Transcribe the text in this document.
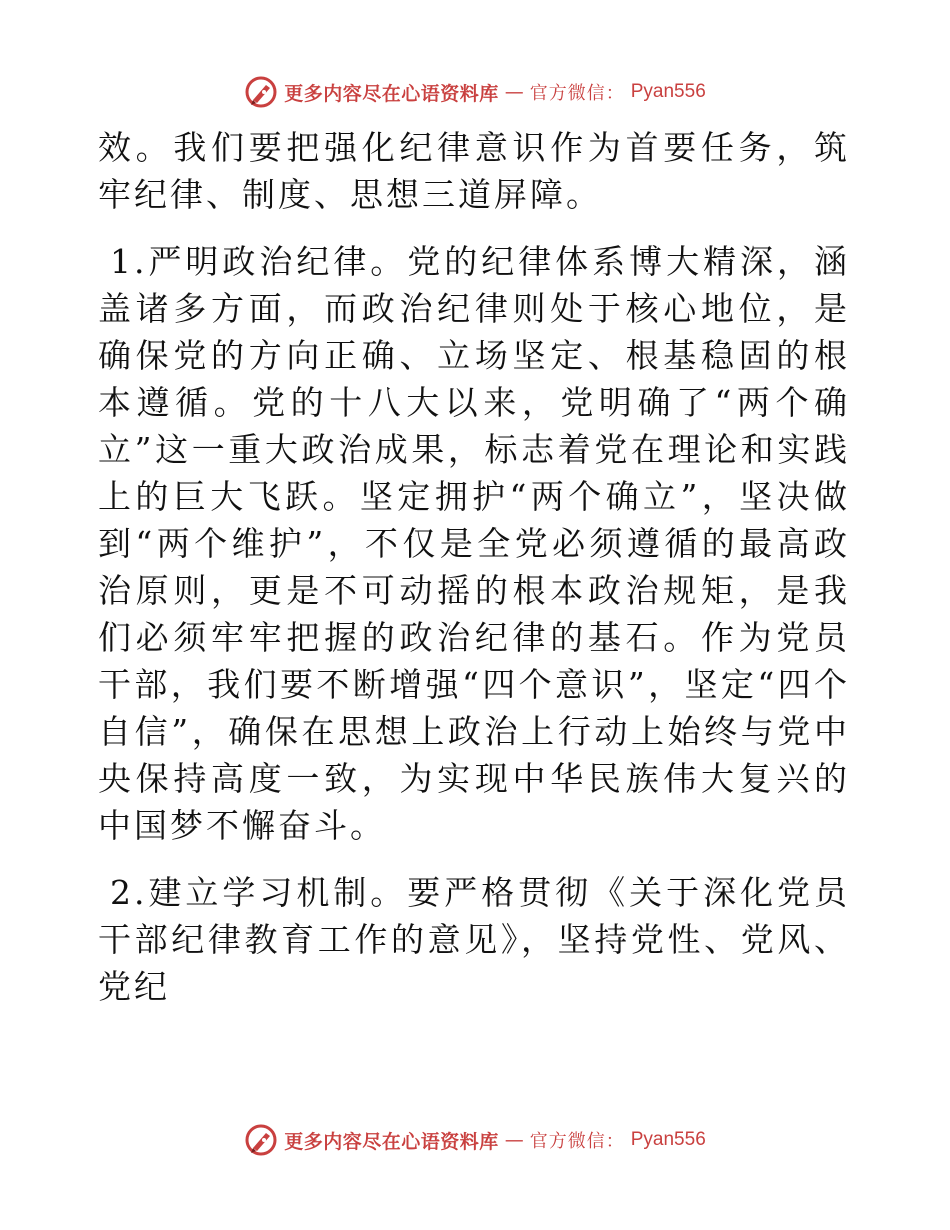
更多内容尽在心语资料库 — 官方微信： Pyan556

效。我们要把强化纪律意识作为首要任务，筑牢纪律、制度、思想三道屏障。

1.严明政治纪律。党的纪律体系博大精深，涵盖诸多方面，而政治纪律则处于核心地位，是确保党的方向正确、立场坚定、根基稳固的根本遵循。党的十八大以来，党明确了“两个确立”这一重大政治成果，标志着党在理论和实践上的巨大飞跃。坚定拥护“两个确立”，坚决做到“两个维护”，不仅是全党必须遵循的最高政治原则，更是不可动摇的根本政治规矩，是我们必须牢牢把握的政治纪律的基石。作为党员干部，我们要不断增强“四个意识”，坚定“四个自信”，确保在思想上政治上行动上始终与党中央保持高度一致，为实现中华民族伟大复兴的中国梦不懈奋斗。

2.建立学习机制。要严格贯彻《关于深化党员干部纪律教育工作的意见》，坚持党性、党风、党纪

更多内容尽在心语资料库 — 官方微信： Pyan556
